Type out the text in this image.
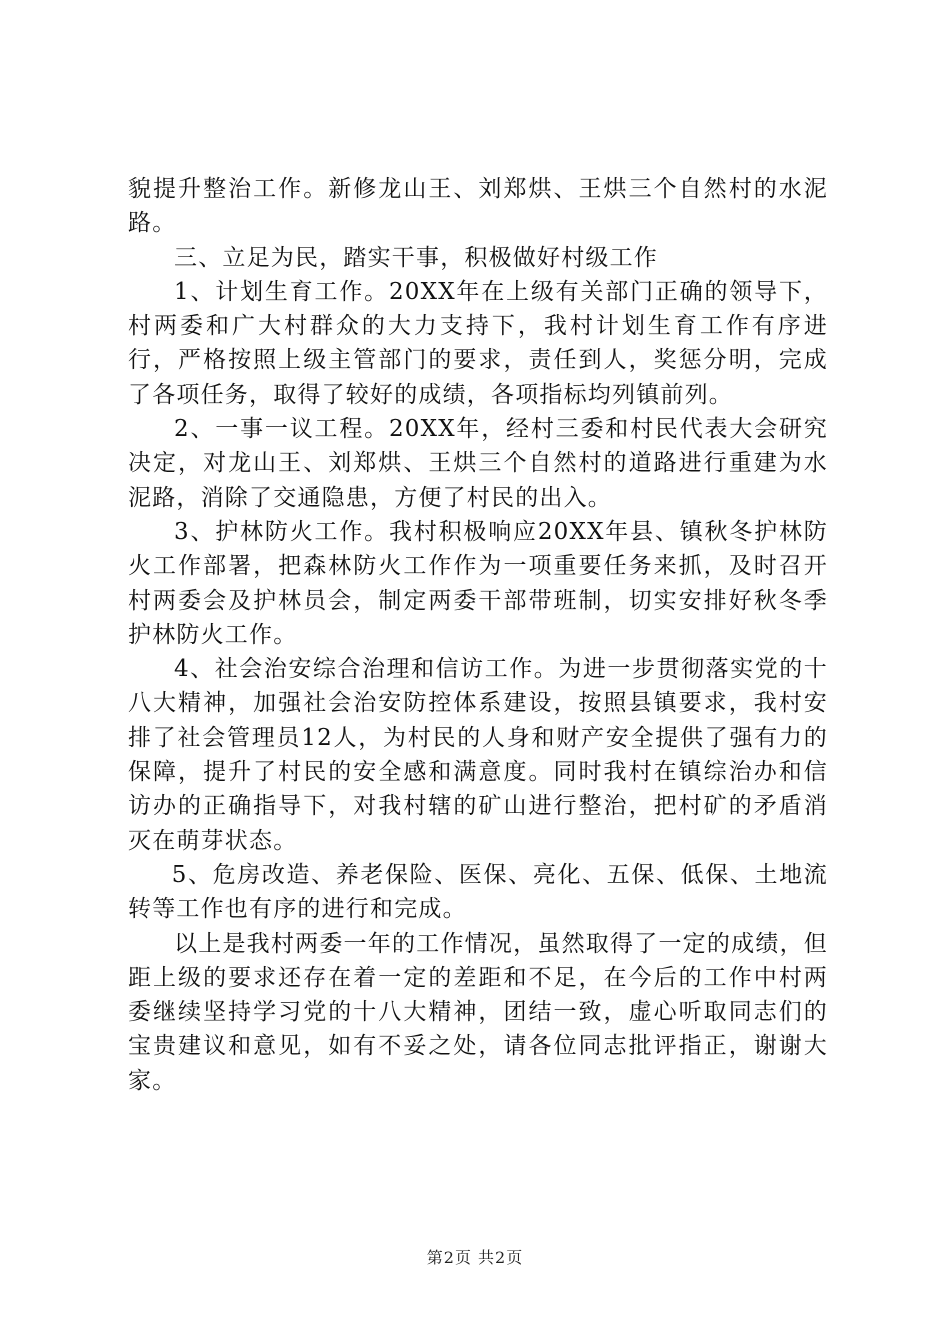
貌提升整治工作。新修龙山王、刘郑烘、王烘三个自然村的水泥路。

三、立足为民，踏实干事，积极做好村级工作

1、计划生育工作。20XX年在上级有关部门正确的领导下，村两委和广大村群众的大力支持下，我村计划生育工作有序进行，严格按照上级主管部门的要求，责任到人，奖惩分明，完成了各项任务，取得了较好的成绩，各项指标均列镇前列。

2、一事一议工程。20XX年，经村三委和村民代表大会研究决定，对龙山王、刘郑烘、王烘三个自然村的道路进行重建为水泥路，消除了交通隐患，方便了村民的出入。

3、护林防火工作。我村积极响应20XX年县、镇秋冬护林防火工作部署，把森林防火工作作为一项重要任务来抓，及时召开村两委会及护林员会，制定两委干部带班制，切实安排好秋冬季护林防火工作。

4、社会治安综合治理和信访工作。为进一步贯彻落实党的十八大精神，加强社会治安防控体系建设，按照县镇要求，我村安排了社会管理员12人，为村民的人身和财产安全提供了强有力的保障，提升了村民的安全感和满意度。同时我村在镇综治办和信访办的正确指导下，对我村辖的矿山进行整治，把村矿的矛盾消灭在萌芽状态。

5、危房改造、养老保险、医保、亮化、五保、低保、土地流转等工作也有序的进行和完成。

以上是我村两委一年的工作情况，虽然取得了一定的成绩，但距上级的要求还存在着一定的差距和不足，在今后的工作中村两委继续坚持学习党的十八大精神，团结一致，虚心听取同志们的宝贵建议和意见，如有不妥之处，请各位同志批评指正，谢谢大家。

第2页 共2页
